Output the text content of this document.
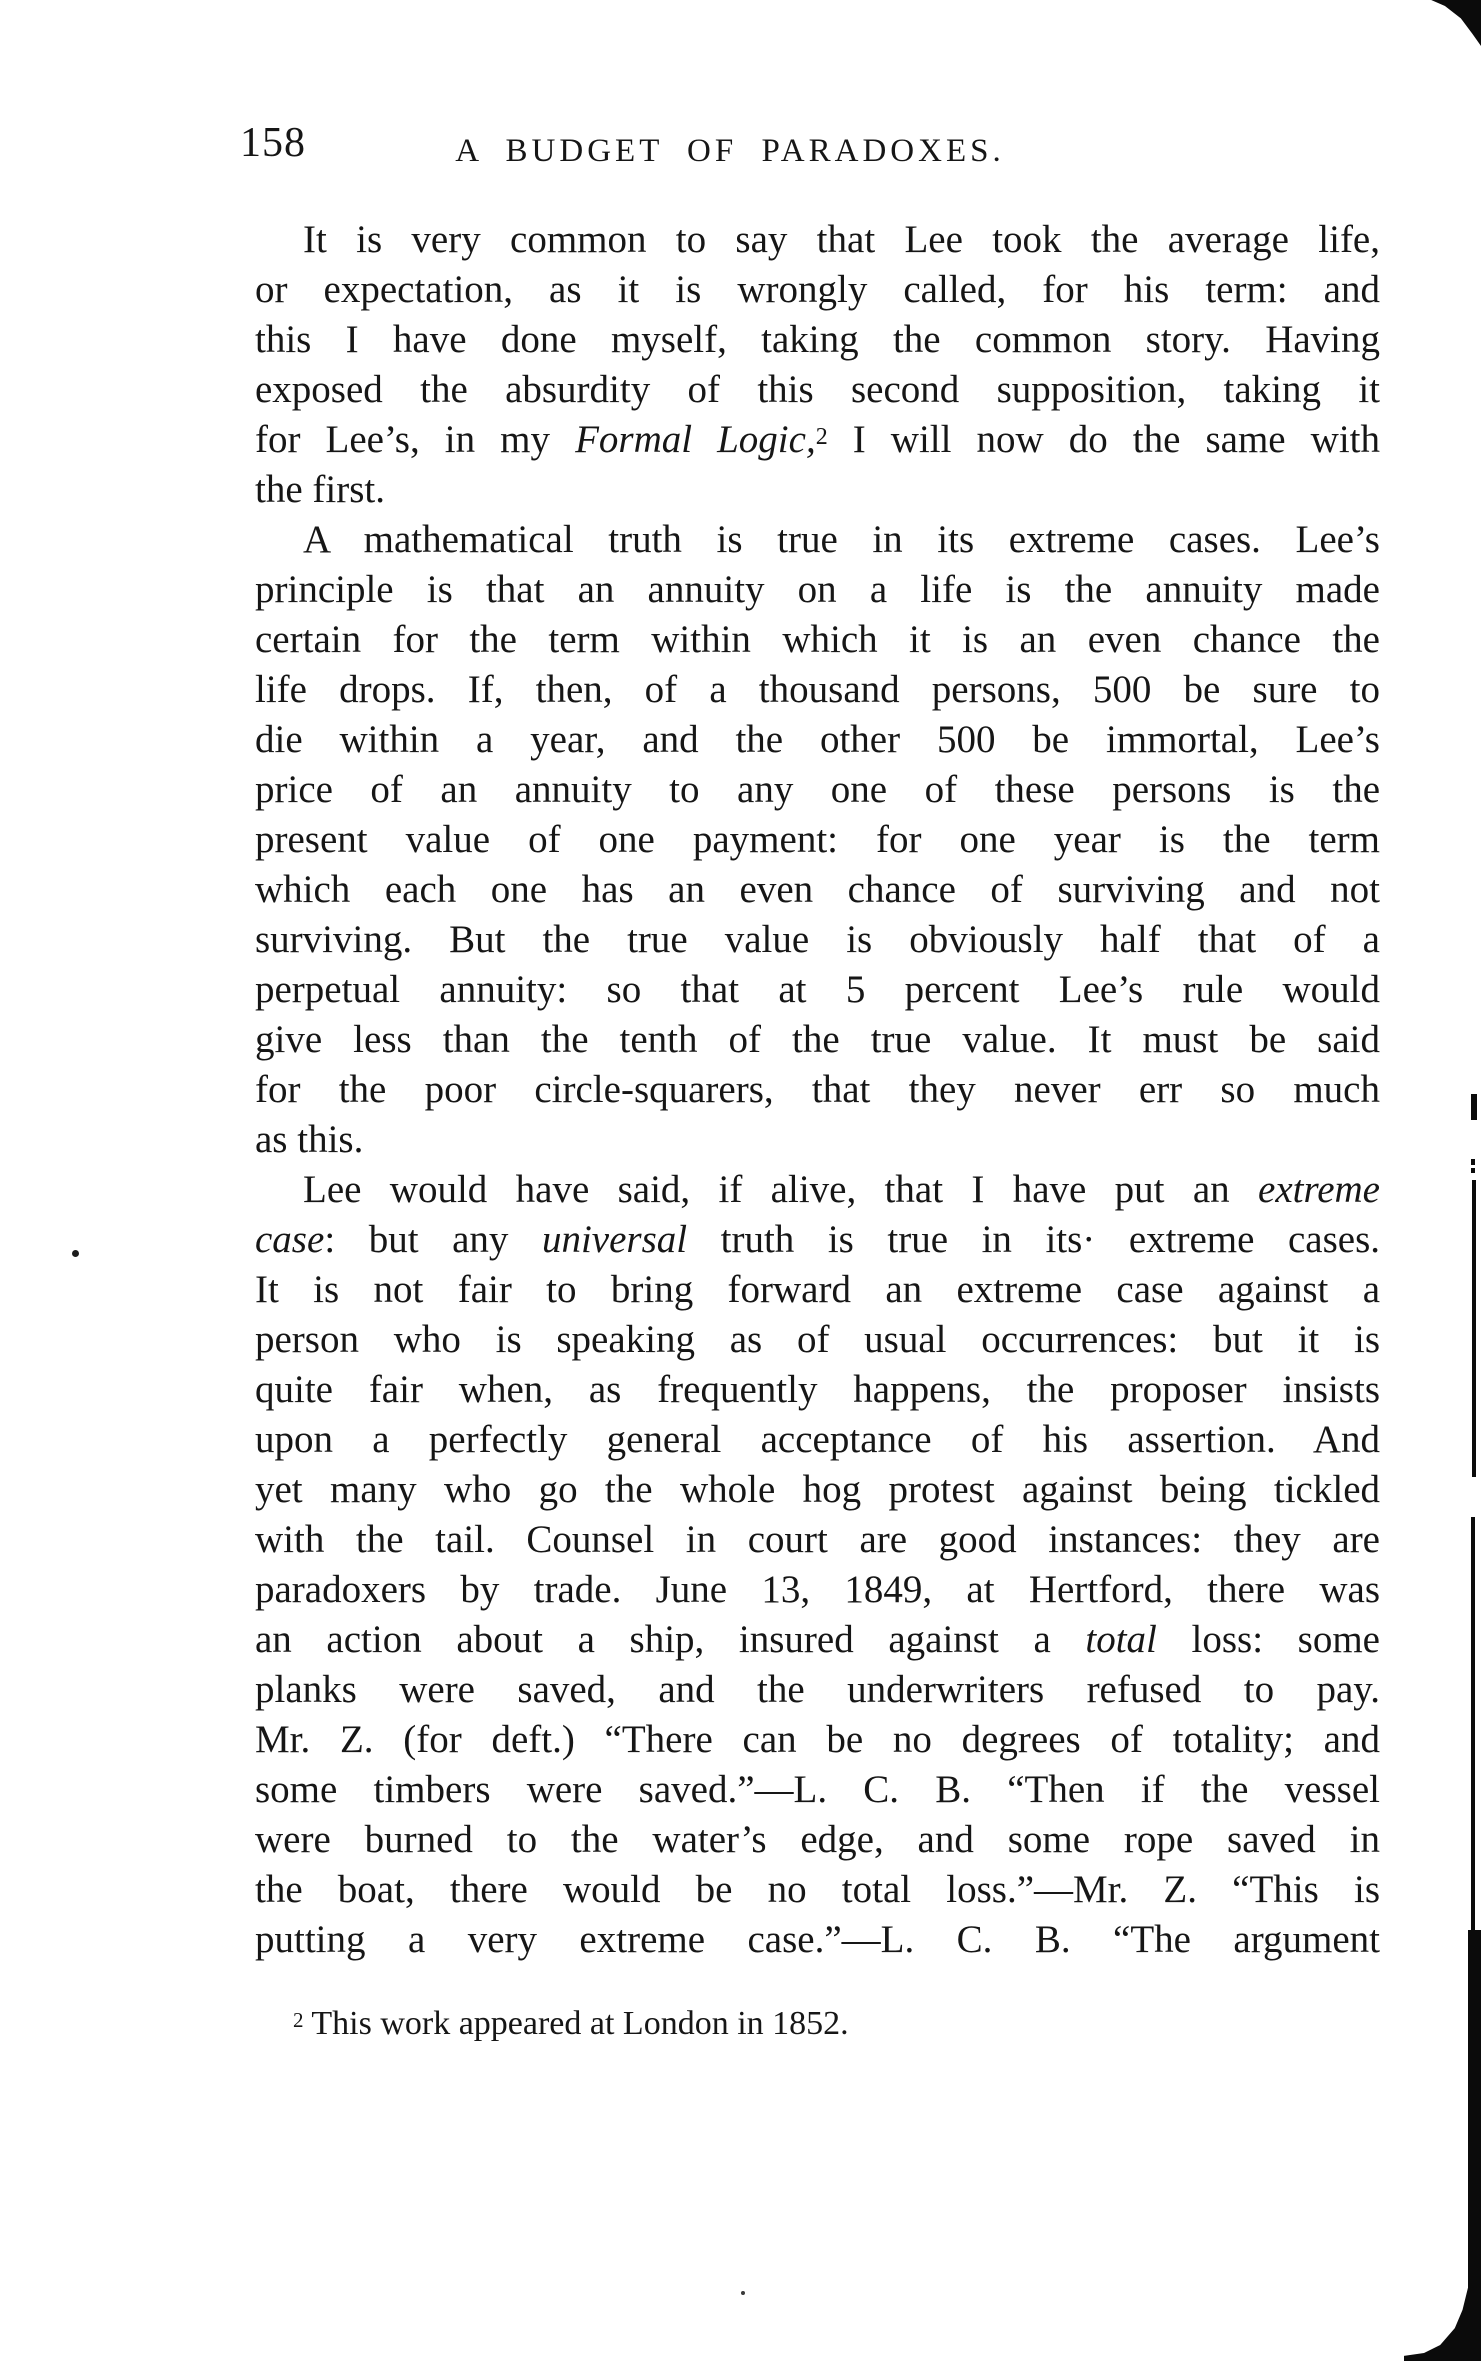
158	A BUDGET OF PARADOXES.
It is very common to say that Lee took the average life,
or expectation, as it is wrongly called, for his term: and
this I have done myself, taking the common story. Having
exposed the absurdity of this second supposition, taking it
for Lee’s, in my Formal Logic,$^2$ I will now do the same with
the first.
A mathematical truth is true in its extreme cases. Lee’s
principle is that an annuity on a life is the annuity made
certain for the term within which it is an even chance the
life drops. If, then, of a thousand persons, 500 be sure to
die within a year, and the other 500 be immortal, Lee’s
price of an annuity to any one of these persons is the
present value of one payment: for one year is the term
which each one has an even chance of surviving and not
surviving. But the true value is obviously half that of a
perpetual annuity: so that at 5 percent Lee’s rule would
give less than the tenth of the true value. It must be said
for the poor circle-squarers, that they never err so much
as this.
Lee would have said, if alive, that I have put an extreme
case: but any universal truth is true in its· extreme cases.
It is not fair to bring forward an extreme case against a
person who is speaking as of usual occurrences: but it is
quite fair when, as frequently happens, the proposer insists
upon a perfectly general acceptance of his assertion. And
yet many who go the whole hog protest against being tickled
with the tail. Counsel in court are good instances: they are
paradoxers by trade. June 13, 1849, at Hertford, there was
an action about a ship, insured against a total loss: some
planks were saved, and the underwriters refused to pay.
Mr. Z. (for deft.) “There can be no degrees of totality; and
some timbers were saved.”—L. C. B. “Then if the vessel
were burned to the water’s edge, and some rope saved in
the boat, there would be no total loss.”—Mr. Z. “This is
putting a very extreme case.”—L. C. B. “The argument
$^2$ This work appeared at London in 1852.
